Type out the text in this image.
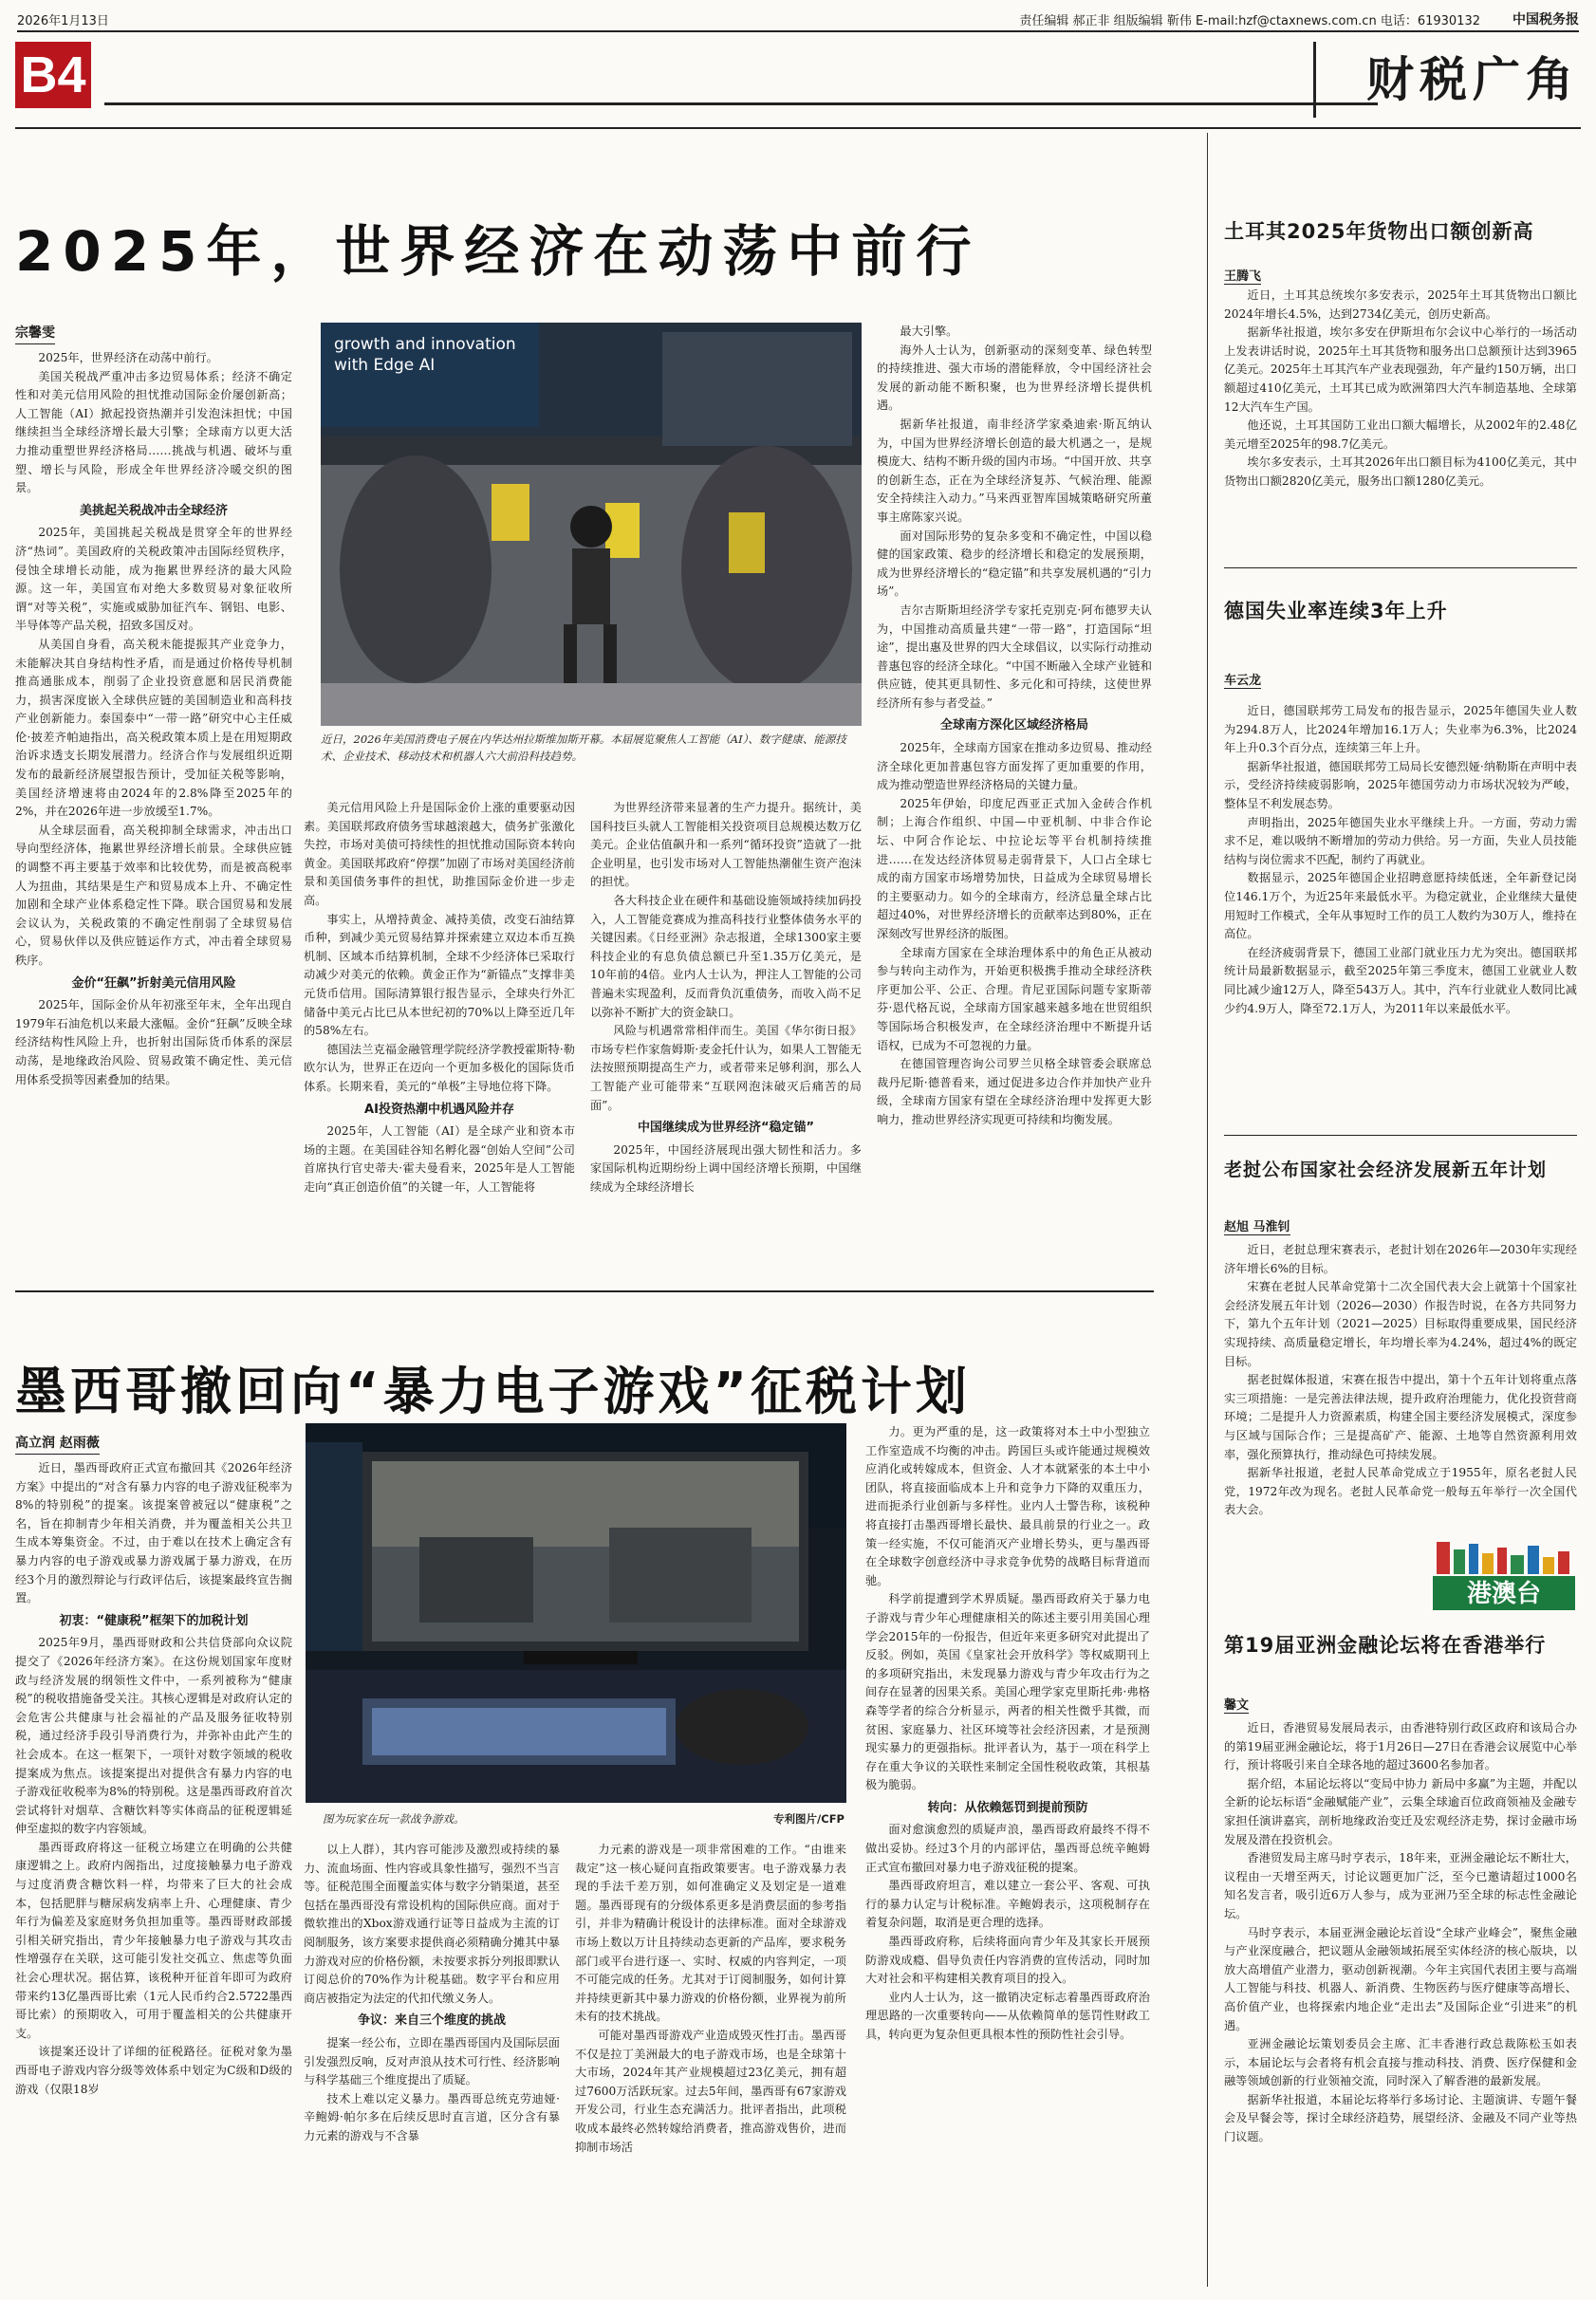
2026年1月13日	责任编辑 郝正非 组版编辑 靳伟 E-mail:hzf@ctaxnews.com.cn 电话：61930132 中国税务报
B4	财税广角
2025年，世界经济在动荡中前行
宗馨雯

2025年，世界经济在动荡中前行。

美国关税战严重冲击多边贸易体系；经济不确定性和对美元信用风险的担忧推动国际金价屡创新高；人工智能（AI）掀起投资热潮并引发泡沫担忧；中国继续担当全球经济增长最大引擎；全球南方以更大活力推动重塑世界经济格局……挑战与机遇、破坏与重塑、增长与风险，形成全年世界经济冷暖交织的图景。

美挑起关税战冲击全球经济

2025年，美国挑起关税战是贯穿全年的世界经济“热词”。美国政府的关税政策冲击国际经贸秩序，侵蚀全球增长动能，成为拖累世界经济的最大风险源。这一年，美国宣布对绝大多数贸易对象征收所谓“对等关税”，实施或威胁加征汽车、钢铝、电影、半导体等产品关税，招致多国反对。

从美国自身看，高关税未能提振其产业竞争力，未能解决其自身结构性矛盾，而是通过价格传导机制推高通胀成本，削弱了企业投资意愿和居民消费能力，损害深度嵌入全球供应链的美国制造业和高科技产业创新能力。泰国泰中“一带一路”研究中心主任威伦·披差齐帕迪指出，高关税政策本质上是在用短期政治诉求透支长期发展潜力。经济合作与发展组织近期发布的最新经济展望报告预计，受加征关税等影响，美国经济增速将由2024年的2.8%降至2025年的2%，并在2026年进一步放缓至1.7%。

从全球层面看，高关税抑制全球需求，冲击出口导向型经济体，拖累世界经济增长前景。全球供应链的调整不再主要基于效率和比较优势，而是被高税率人为扭曲，其结果是生产和贸易成本上升、不确定性加剧和全球产业体系稳定性下降。联合国贸易和发展会议认为，关税政策的不确定性削弱了全球贸易信心，贸易伙伴以及供应链运作方式，冲击着全球贸易秩序。

金价“狂飙”折射美元信用风险

2025年，国际金价从年初涨至年末，全年出现自1979年石油危机以来最大涨幅。金价“狂飙”反映全球经济结构性风险上升，也折射出国际货币体系的深层动荡，是地缘政治风险、贸易政策不确定性、美元信用体系受损等因素叠加的结果。

growth and innovation
with Edge AI
近日，2026年美国消费电子展在内华达州拉斯维加斯开幕。本届展览聚焦人工智能（AI）、数字健康、能源技术、企业技术、移动技术和机器人六大前沿科技趋势。

美元信用风险上升是国际金价上涨的重要驱动因素。美国联邦政府债务雪球越滚越大，债务扩张激化失控，市场对美债可持续性的担忧推动国际资本转向黄金。美国联邦政府“停摆”加剧了市场对美国经济前景和美国债务事件的担忧，助推国际金价进一步走高。

事实上，从增持黄金、减持美债，改变石油结算币种，到减少美元贸易结算并探索建立双边本币互换机制、区域本币结算机制，全球不少经济体已采取行动减少对美元的依赖。黄金正作为“新锚点”支撑非美元货币信用。国际清算银行报告显示，全球央行外汇储备中美元占比已从本世纪初的70%以上降至近几年的58%左右。

德国法兰克福金融管理学院经济学教授霍斯特·勒欧尔认为，世界正在迈向一个更加多极化的国际货币体系。长期来看，美元的“单极”主导地位将下降。

AI投资热潮中机遇风险并存

2025年，人工智能（AI）是全球产业和资本市场的主题。在美国硅谷知名孵化器“创始人空间”公司首席执行官史蒂夫·霍夫曼看来，2025年是人工智能走向“真正创造价值”的关键一年，人工智能将

为世界经济带来显著的生产力提升。据统计，美国科技巨头就人工智能相关投资项目总规模达数万亿美元。企业估值飙升和一系列“循环投资”造就了一批企业明星，也引发市场对人工智能热潮催生资产泡沫的担忧。

各大科技企业在硬件和基础设施领域持续加码投入，人工智能竞赛成为推高科技行业整体债务水平的关键因素。《日经亚洲》杂志报道，全球1300家主要科技企业的有息负债总额已升至1.35万亿美元，是10年前的4倍。业内人士认为，押注人工智能的公司普遍未实现盈利，反而背负沉重债务，而收入尚不足以弥补不断扩大的资金缺口。

风险与机遇常常相伴而生。美国《华尔街日报》市场专栏作家詹姆斯·麦金托什认为，如果人工智能无法按照预期提高生产力，或者带来足够利润，那么人工智能产业可能带来“互联网泡沫破灭后痛苦的局面”。

中国继续成为世界经济“稳定锚”

2025年，中国经济展现出强大韧性和活力。多家国际机构近期纷纷上调中国经济增长预期，中国继续成为全球经济增长

最大引擎。

海外人士认为，创新驱动的深刻变革、绿色转型的持续推进、强大市场的潜能释放，令中国经济社会发展的新动能不断积聚，也为世界经济增长提供机遇。

据新华社报道，南非经济学家桑迪索·斯瓦纳认为，中国为世界经济增长创造的最大机遇之一，是规模庞大、结构不断升级的国内市场。“中国开放、共享的创新生态，正在为全球经济复苏、气候治理、能源安全持续注入动力。”马来西亚智库国城策略研究所董事主席陈家兴说。

面对国际形势的复杂多变和不确定性，中国以稳健的国家政策、稳步的经济增长和稳定的发展预期，成为世界经济增长的“稳定锚”和共享发展机遇的“引力场”。

吉尔吉斯斯坦经济学专家托克别克·阿布德罗夫认为，中国推动高质量共建“一带一路”，打造国际“坦途”，提出惠及世界的四大全球倡议，以实际行动推动普惠包容的经济全球化。“中国不断融入全球产业链和供应链，使其更具韧性、多元化和可持续，这使世界经济所有参与者受益。”

全球南方深化区域经济格局

2025年，全球南方国家在推动多边贸易、推动经济全球化更加普惠包容方面发挥了更加重要的作用，成为推动塑造世界经济格局的关键力量。

2025年伊始，印度尼西亚正式加入金砖合作机制；上海合作组织、中国—中亚机制、中非合作论坛、中阿合作论坛、中拉论坛等平台机制持续推进……在发达经济体贸易走弱背景下，人口占全球七成的南方国家市场增势加快，日益成为全球贸易增长的主要驱动力。如今的全球南方，经济总量全球占比超过40%，对世界经济增长的贡献率达到80%，正在深刻改写世界经济的版图。

全球南方国家在全球治理体系中的角色正从被动参与转向主动作为，开始更积极携手推动全球经济秩序更加公平、公正、合理。肯尼亚国际问题专家斯蒂芬·恩代格瓦说，全球南方国家越来越多地在世贸组织等国际场合积极发声，在全球经济治理中不断提升话语权，已成为不可忽视的力量。

在德国管理咨询公司罗兰贝格全球管委会联席总裁丹尼斯·德普看来，通过促进多边合作并加快产业升级，全球南方国家有望在全球经济治理中发挥更大影响力，推动世界经济实现更可持续和均衡发展。

墨西哥撤回向“暴力电子游戏”征税计划
高立润 赵雨薇

近日，墨西哥政府正式宣布撤回其《2026年经济方案》中提出的“对含有暴力内容的电子游戏征税率为8%的特别税”的提案。该提案曾被冠以“健康税”之名，旨在抑制青少年相关消费，并为覆盖相关公共卫生成本筹集资金。不过，由于难以在技术上确定含有暴力内容的电子游戏或暴力游戏属于暴力游戏，在历经3个月的激烈辩论与行政评估后，该提案最终宣告搁置。

初衷：“健康税”框架下的加税计划

2025年9月，墨西哥财政和公共信贷部向众议院提交了《2026年经济方案》。在这份规划国家年度财政与经济发展的纲领性文件中，一系列被称为“健康税”的税收措施备受关注。其核心逻辑是对政府认定的会危害公共健康与社会福祉的产品及服务征收特别税，通过经济手段引导消费行为，并弥补由此产生的社会成本。在这一框架下，一项针对数字领域的税收提案成为焦点。该提案提出对提供含有暴力内容的电子游戏征收税率为8%的特别税。这是墨西哥政府首次尝试将针对烟草、含糖饮料等实体商品的征税逻辑延伸至虚拟的数字内容领域。

墨西哥政府将这一征税立场建立在明确的公共健康逻辑之上。政府内阁指出，过度接触暴力电子游戏与过度消费含糖饮料一样，均带来了巨大的社会成本，包括肥胖与糖尿病发病率上升、心理健康、青少年行为偏差及家庭财务负担加重等。墨西哥财政部援引相关研究指出，青少年接触暴力电子游戏与其攻击性增强存在关联，这可能引发社交孤立、焦虑等负面社会心理状况。据估算，该税种开征首年即可为政府带来约13亿墨西哥比索（1元人民币约合2.5722墨西哥比索）的预期收入，可用于覆盖相关的公共健康开支。

该提案还设计了详细的征税路径。征税对象为墨西哥电子游戏内容分级等效体系中划定为C级和D级的游戏（仅限18岁

图为玩家在玩一款战争游戏。	专利图片/CFP

以上人群），其内容可能涉及激烈或持续的暴力、流血场面、性内容或具象性描写，强烈不当言等。征税范围全面覆盖实体与数字分销渠道，甚至包括在墨西哥没有常设机构的国际供应商。面对于微软推出的Xbox游戏通行证等日益成为主流的订阅制服务，该方案要求提供商必须精确分摊其中暴力游戏对应的价格份额，未按要求拆分列报即默认订阅总价的70%作为计税基础。数字平台和应用商店被指定为法定的代扣代缴义务人。

争议：来自三个维度的挑战

提案一经公布，立即在墨西哥国内及国际层面引发强烈反响，反对声浪从技术可行性、经济影响与科学基础三个维度提出了质疑。

技术上难以定义暴力。墨西哥总统克劳迪娅·辛鲍姆·帕尔多在后续反思时直言道，区分含有暴力元素的游戏与不含暴

力元素的游戏是一项非常困难的工作。“由谁来裁定”这一核心疑问直指政策要害。电子游戏暴力表现的手法千差万别，如何准确定义及划定是一道难题。墨西哥现有的分级体系更多是消费层面的参考指引，并非为精确计税设计的法律标准。面对全球游戏市场上数以万计且持续动态更新的产品库，要求税务部门或平台进行逐一、实时、权威的内容判定，一项不可能完成的任务。尤其对于订阅制服务，如何计算并持续更新其中暴力游戏的价格份额，业界视为前所未有的技术挑战。

可能对墨西哥游戏产业造成毁灭性打击。墨西哥不仅是拉丁美洲最大的电子游戏市场，也是全球第十大市场，2024年其产业规模超过23亿美元，拥有超过7600万活跃玩家。过去5年间，墨西哥有67家游戏开发公司，行业生态充满活力。批评者指出，此项税收成本最终必然转嫁给消费者，推高游戏售价，进而抑制市场活

力。更为严重的是，这一政策将对本土中小型独立工作室造成不均衡的冲击。跨国巨头或许能通过规模效应消化或转嫁成本，但资金、人才本就紧张的本土中小团队，将直接面临成本上升和竞争力下降的双重压力，进而扼杀行业创新与多样性。业内人士警告称，该税种将直接打击墨西哥增长最快、最具前景的行业之一。政策一经实施，不仅可能消灭产业增长势头，更与墨西哥在全球数字创意经济中寻求竞争优势的战略目标背道而驰。

科学前提遭到学术界质疑。墨西哥政府关于暴力电子游戏与青少年心理健康相关的陈述主要引用美国心理学会2015年的一份报告，但近年来更多研究对此提出了反驳。例如，英国《皇家社会开放科学》等权威期刊上的多项研究指出，未发现暴力游戏与青少年攻击行为之间存在显著的因果关系。美国心理学家克里斯托弗·弗格森等学者的综合分析显示，两者的相关性微乎其微，而贫困、家庭暴力、社区环境等社会经济因素，才是预测现实暴力的更强指标。批评者认为，基于一项在科学上存在重大争议的关联性来制定全国性税收政策，其根基极为脆弱。

转向：从依赖惩罚到提前预防

面对愈演愈烈的质疑声浪，墨西哥政府最终不得不做出妥协。经过3个月的内部评估，墨西哥总统辛鲍姆正式宣布撤回对暴力电子游戏征税的提案。

墨西哥政府坦言，难以建立一套公平、客观、可执行的暴力认定与计税标准。辛鲍姆表示，这项税制存在着复杂问题，取消是更合理的选择。

墨西哥政府称，后续将面向青少年及其家长开展预防游戏成瘾、倡导负责任内容消费的宣传活动，同时加大对社会和平构建相关教育项目的投入。

业内人士认为，这一撤销决定标志着墨西哥政府治理思路的一次重要转向——从依赖简单的惩罚性财政工具，转向更为复杂但更具根本性的预防性社会引导。

土耳其2025年货物出口额创新高
王腾飞

近日，土耳其总统埃尔多安表示，2025年土耳其货物出口额比2024年增长4.5%，达到2734亿美元，创历史新高。

据新华社报道，埃尔多安在伊斯坦布尔会议中心举行的一场活动上发表讲话时说，2025年土耳其货物和服务出口总额预计达到3965亿美元。2025年土耳其汽车产业表现强劲，年产量约150万辆，出口额超过410亿美元，土耳其已成为欧洲第四大汽车制造基地、全球第12大汽车生产国。

他还说，土耳其国防工业出口额大幅增长，从2002年的2.48亿美元增至2025年的98.7亿美元。

埃尔多安表示，土耳其2026年出口额目标为4100亿美元，其中货物出口额2820亿美元，服务出口额1280亿美元。

德国失业率连续3年上升
车云龙

近日，德国联邦劳工局发布的报告显示，2025年德国失业人数为294.8万人，比2024年增加16.1万人；失业率为6.3%，比2024年上升0.3个百分点，连续第三年上升。

据新华社报道，德国联邦劳工局局长安德烈娅·纳勒斯在声明中表示，受经济持续疲弱影响，2025年德国劳动力市场状况较为严峻，整体呈不利发展态势。

声明指出，2025年德国失业水平继续上升。一方面，劳动力需求不足，难以吸纳不断增加的劳动力供给。另一方面，失业人员技能结构与岗位需求不匹配，制约了再就业。

数据显示，2025年德国企业招聘意愿持续低迷，全年新登记岗位146.1万个，为近25年来最低水平。为稳定就业，企业继续大量使用短时工作模式，全年从事短时工作的员工人数约为30万人，维持在高位。

在经济疲弱背景下，德国工业部门就业压力尤为突出。德国联邦统计局最新数据显示，截至2025年第三季度末，德国工业就业人数同比减少逾12万人，降至543万人。其中，汽车行业就业人数同比减少约4.9万人，降至72.1万人，为2011年以来最低水平。

老挝公布国家社会经济发展新五年计划
赵旭 马淮钊

近日，老挝总理宋赛表示，老挝计划在2026年—2030年实现经济年增长6%的目标。

宋赛在老挝人民革命党第十二次全国代表大会上就第十个国家社会经济发展五年计划（2026—2030）作报告时说，在各方共同努力下，第九个五年计划（2021—2025）目标取得重要成果，国民经济实现持续、高质量稳定增长，年均增长率为4.24%，超过4%的既定目标。

据老挝媒体报道，宋赛在报告中提出，第十个五年计划将重点落实三项措施：一是完善法律法规，提升政府治理能力，优化投资营商环境；二是提升人力资源素质，构建全国主要经济发展模式，深度参与区域与国际合作；三是提高矿产、能源、土地等自然资源利用效率，强化预算执行，推动绿色可持续发展。

据新华社报道，老挝人民革命党成立于1955年，原名老挝人民党，1972年改为现名。老挝人民革命党一般每五年举行一次全国代表大会。

港澳台
第19届亚洲金融论坛将在香港举行
馨文

近日，香港贸易发展局表示，由香港特别行政区政府和该局合办的第19届亚洲金融论坛，将于1月26日—27日在香港会议展览中心举行，预计将吸引来自全球各地的超过3600名参加者。

据介绍，本届论坛将以“变局中协力 新局中多赢”为主题，并配以全新的论坛标语“金融赋能产业”，云集全球逾百位政商领袖及金融专家担任演讲嘉宾，剖析地缘政治变迁及宏观经济走势，探讨金融市场发展及潜在投资机会。

香港贸发局主席马时亨表示，18年来，亚洲金融论坛不断壮大，议程由一天增至两天，讨论议题更加广泛，至今已邀请超过1000名知名发言者，吸引近6万人参与，成为亚洲乃至全球的标志性金融论坛。

马时亨表示，本届亚洲金融论坛首设“全球产业峰会”，聚焦金融与产业深度融合，把议题从金融领域拓展至实体经济的核心版块，以放大高增值产业潜力，驱动创新视潮。今年主宾国代表团主要与高端人工智能与科技、机器人、新消费、生物医药与医疗健康等高增长、高价值产业，也将探索内地企业“走出去”及国际企业“引进来”的机遇。

亚洲金融论坛策划委员会主席、汇丰香港行政总裁陈松玉如表示，本届论坛与会者将有机会直接与推动科技、消费、医疗保健和金融等领域创新的行业领袖交流，同时深入了解香港的最新发展。

据新华社报道，本届论坛将举行多场讨论、主题演讲、专题午餐会及早餐会等，探讨全球经济趋势，展望经济、金融及不同产业等热门议题。
